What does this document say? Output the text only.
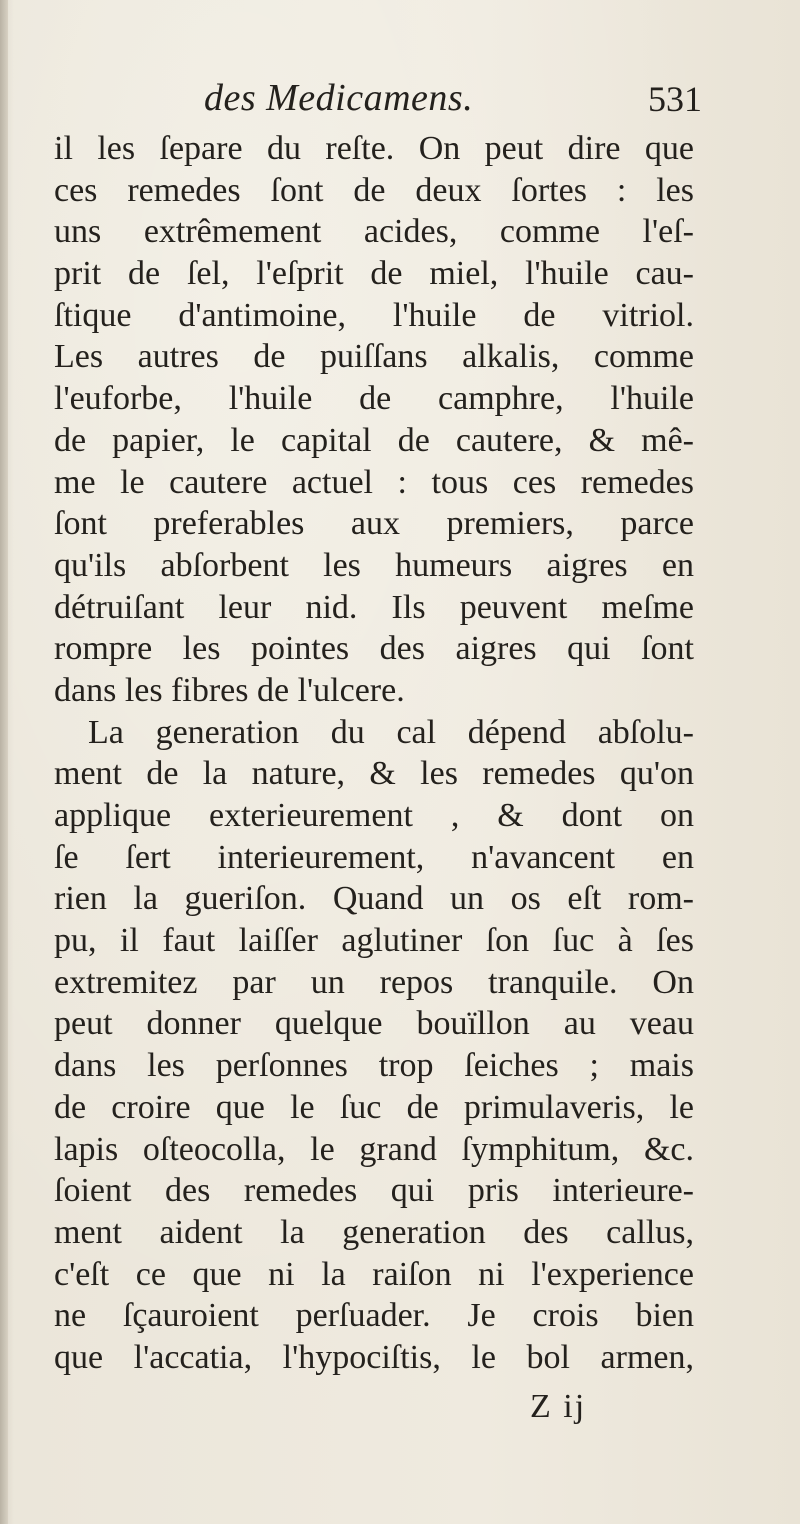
des Medicamens.	531
il les ſepare du reſte. On peut dire que
ces remedes ſont de deux ſortes : les
uns extrêmement acides, comme l'eſ-
prit de ſel, l'eſprit de miel, l'huile cau-
ſtique d'antimoine, l'huile de vitriol.
Les autres de puiſſans alkalis, comme
l'euforbe, l'huile de camphre, l'huile
de papier, le capital de cautere, & mê-
me le cautere actuel : tous ces remedes
ſont preferables aux premiers, parce
qu'ils abſorbent les humeurs aigres en
détruiſant leur nid. Ils peuvent meſme
rompre les pointes des aigres qui ſont
dans les fibres de l'ulcere.
La generation du cal dépend abſolu-
ment de la nature, & les remedes qu'on
applique exterieurement , & dont on
ſe ſert interieurement, n'avancent en
rien la gueriſon. Quand un os eſt rom-
pu, il faut laiſſer aglutiner ſon ſuc à ſes
extremitez par un repos tranquile. On
peut donner quelque bouïllon au veau
dans les perſonnes trop ſeiches ; mais
de croire que le ſuc de primulaveris, le
lapis oſteocolla, le grand ſymphitum, &c.
ſoient des remedes qui pris interieure-
ment aident la generation des callus,
c'eſt ce que ni la raiſon ni l'experience
ne ſçauroient perſuader. Je crois bien
que l'accatia, l'hypociſtis, le bol armen,
Z ij
